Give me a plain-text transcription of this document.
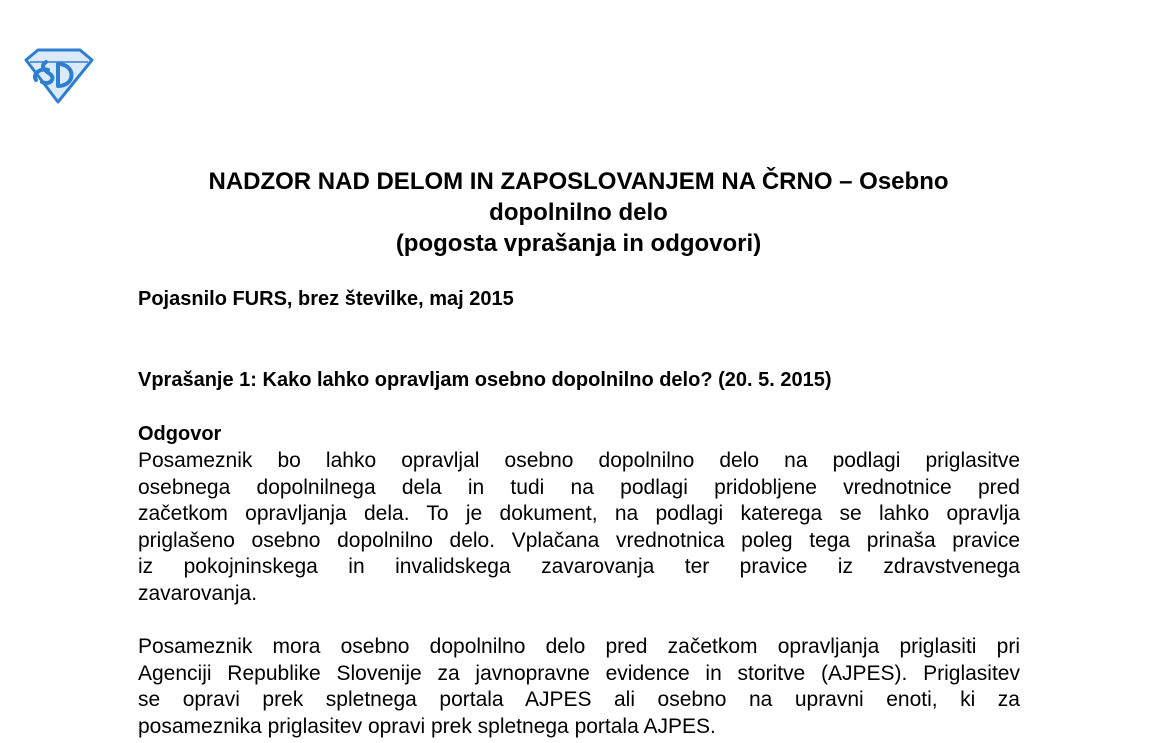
NADZOR NAD DELOM IN ZAPOSLOVANJEM NA ČRNO – Osebno
dopolnilno delo
(pogosta vprašanja in odgovori)
Pojasnilo FURS, brez številke, maj 2015
Vprašanje 1: Kako lahko opravljam osebno dopolnilno delo? (20. 5. 2015)
Odgovor
Posameznik bo lahko opravljal osebno dopolnilno delo na podlagi priglasitve
osebnega dopolnilnega dela in tudi na podlagi pridobljene vrednotnice pred
začetkom opravljanja dela. To je dokument, na podlagi katerega se lahko opravlja
priglašeno osebno dopolnilno delo. Vplačana vrednotnica poleg tega prinaša pravice
iz pokojninskega in invalidskega zavarovanja ter pravice iz zdravstvenega
zavarovanja.
Posameznik mora osebno dopolnilno delo pred začetkom opravljanja priglasiti pri
Agenciji Republike Slovenije za javnopravne evidence in storitve (AJPES). Priglasitev
se opravi prek spletnega portala AJPES ali osebno na upravni enoti, ki za
posameznika priglasitev opravi prek spletnega portala AJPES.
